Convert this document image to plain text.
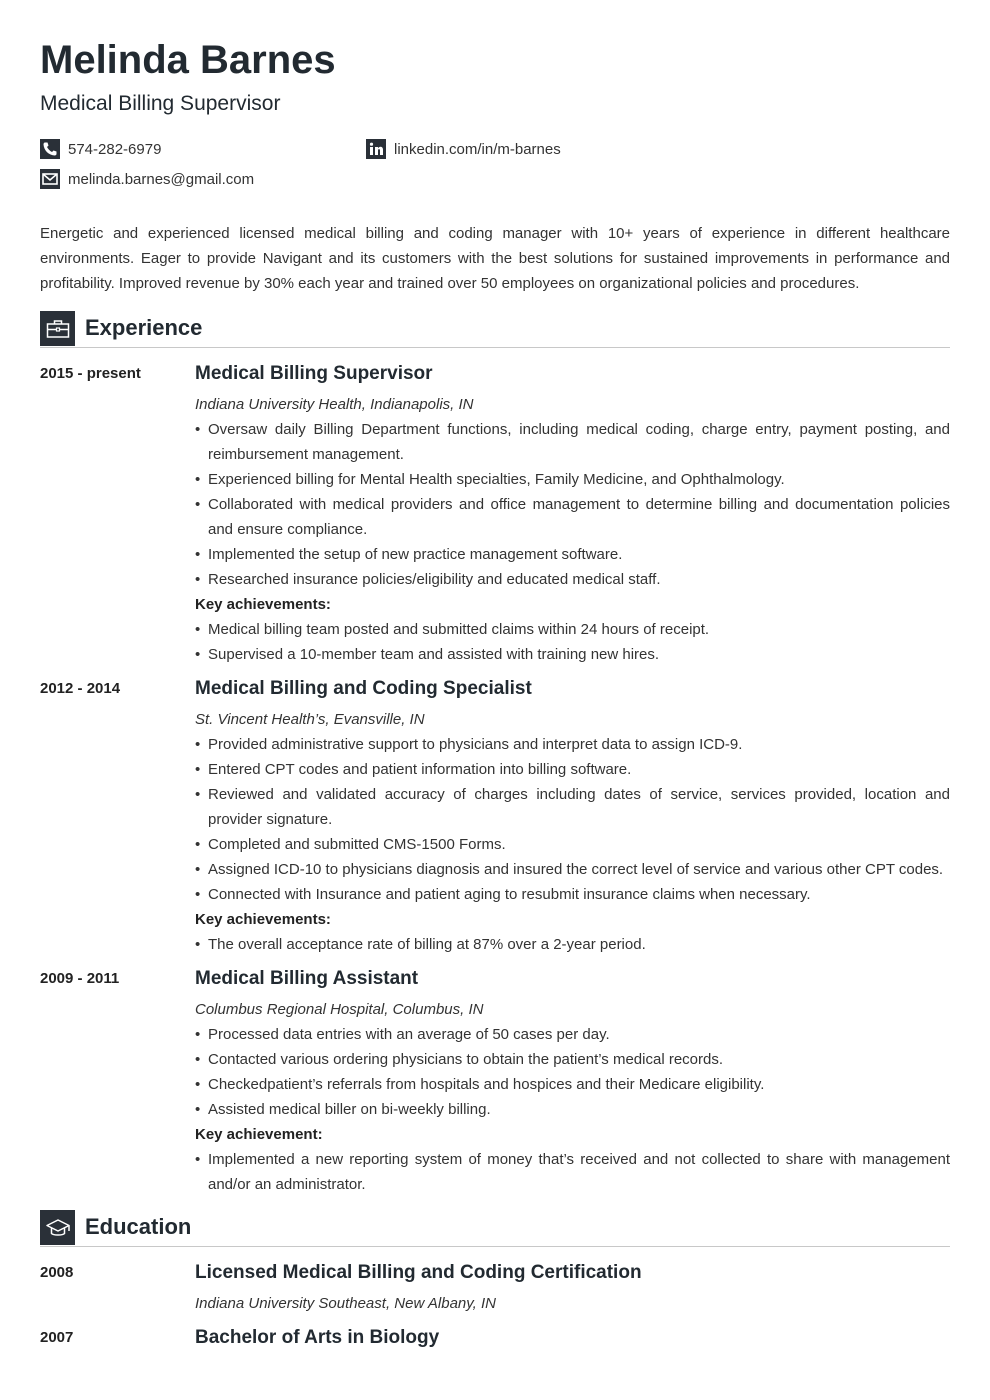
Melinda Barnes
Medical Billing Supervisor
574-282-6979
melinda.barnes@gmail.com
linkedin.com/in/m-barnes

Energetic and experienced licensed medical billing and coding manager with 10+ years of experience in different healthcare environments. Eager to provide Navigant and its customers with the best solutions for sustained improvements in performance and profitability. Improved revenue by 30% each year and trained over 50 employees on organizational policies and procedures.

Experience
2015 - present	Medical Billing Supervisor
Indiana University Health, Indianapolis, IN
• Oversaw daily Billing Department functions, including medical coding, charge entry, payment posting, and reimbursement management.
• Experienced billing for Mental Health specialties, Family Medicine, and Ophthalmology.
• Collaborated with medical providers and office management to determine billing and documentation policies and ensure compliance.
• Implemented the setup of new practice management software.
• Researched insurance policies/eligibility and educated medical staff.
Key achievements:
• Medical billing team posted and submitted claims within 24 hours of receipt.
• Supervised a 10-member team and assisted with training new hires.
2012 - 2014	Medical Billing and Coding Specialist
St. Vincent Health’s, Evansville, IN
• Provided administrative support to physicians and interpret data to assign ICD-9.
• Entered CPT codes and patient information into billing software.
• Reviewed and validated accuracy of charges including dates of service, services provided, location and provider signature.
• Completed and submitted CMS-1500 Forms.
• Assigned ICD-10 to physicians diagnosis and insured the correct level of service and various other CPT codes.
• Connected with Insurance and patient aging to resubmit insurance claims when necessary.
Key achievements:
• The overall acceptance rate of billing at 87% over a 2-year period.
2009 - 2011	Medical Billing Assistant
Columbus Regional Hospital, Columbus, IN
• Processed data entries with an average of 50 cases per day.
• Contacted various ordering physicians to obtain the patient’s medical records.
• Checkedpatient’s referrals from hospitals and hospices and their Medicare eligibility.
• Assisted medical biller on bi-weekly billing.
Key achievement:
• Implemented a new reporting system of money that’s received and not collected to share with management and/or an administrator.
Education
2008	Licensed Medical Billing and Coding Certification
Indiana University Southeast, New Albany, IN
2007	Bachelor of Arts in Biology
